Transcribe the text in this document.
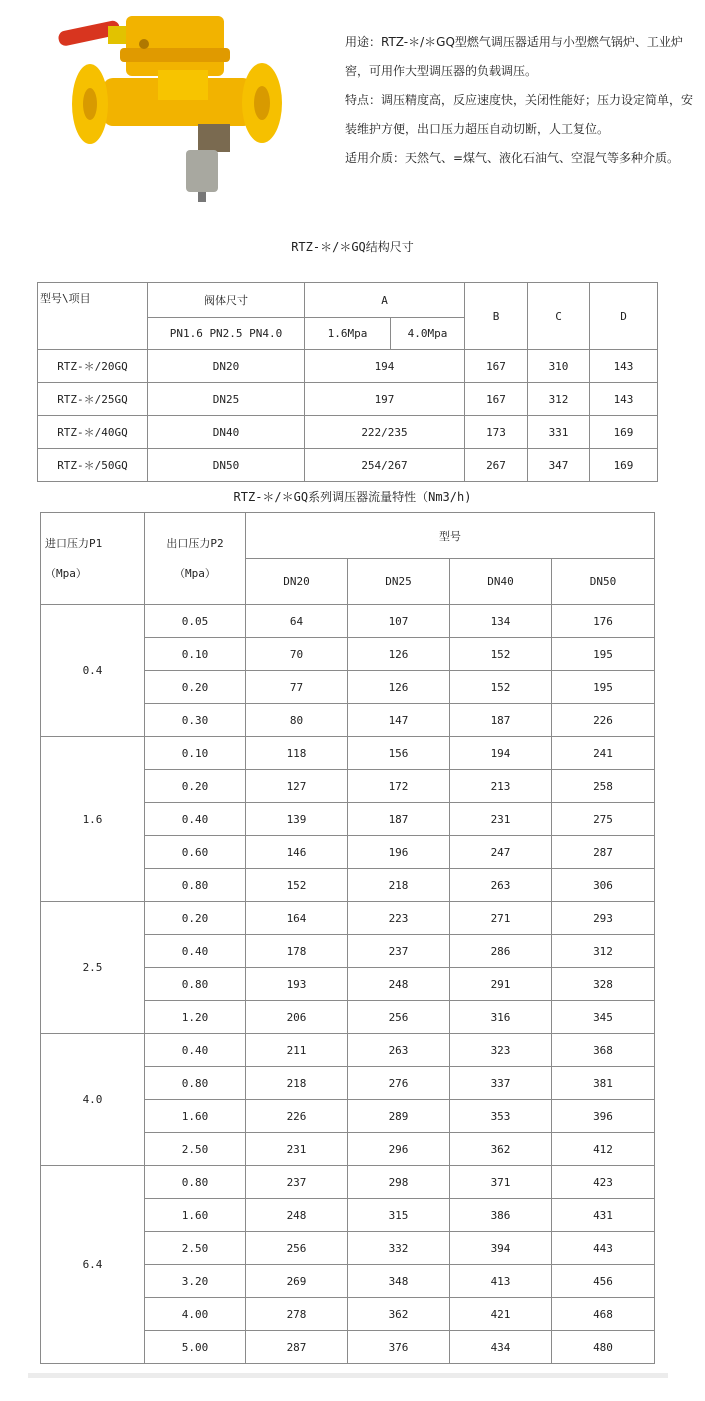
用途：RTZ-＊/＊GQ型燃气调压器适用与小型燃气锅炉、工业炉窖，可用作大型调压器的负载调压。

特点：调压精度高，反应速度快，关闭性能好；压力设定简单，安装维护方便，出口压力超压自动切断，人工复位。

适用介质：天然气、=煤气、液化石油气、空混气等多种介质。

RTZ-＊/＊GQ结构尺寸
型号\项目	阀体尺寸	A		B	C	D
	PN1.6 PN2.5 PN4.0	1.6Mpa	4.0Mpa			
RTZ-＊/20GQ	DN20	194		167	310	143
RTZ-＊/25GQ	DN25	197		167	312	143
RTZ-＊/40GQ	DN40	222/235		173	331	169
RTZ-＊/50GQ	DN50	254/267		267	347	169
RTZ-＊/＊GQ系列调压器流量特性（Nm3/h)
进口压力P1
（Mpa）	出口压力P2
（Mpa）	型号			
		DN20	DN25	DN40	DN50
0.4	0.05	64	107	134	176
	0.10	70	126	152	195
	0.20	77	126	152	195
	0.30	80	147	187	226
1.6	0.10	118	156	194	241
	0.20	127	172	213	258
	0.40	139	187	231	275
	0.60	146	196	247	287
	0.80	152	218	263	306
2.5	0.20	164	223	271	293
	0.40	178	237	286	312
	0.80	193	248	291	328
	1.20	206	256	316	345
4.0	0.40	211	263	323	368
	0.80	218	276	337	381
	1.60	226	289	353	396
	2.50	231	296	362	412
6.4	0.80	237	298	371	423
	1.60	248	315	386	431
	2.50	256	332	394	443
	3.20	269	348	413	456
	4.00	278	362	421	468
	5.00	287	376	434	480
